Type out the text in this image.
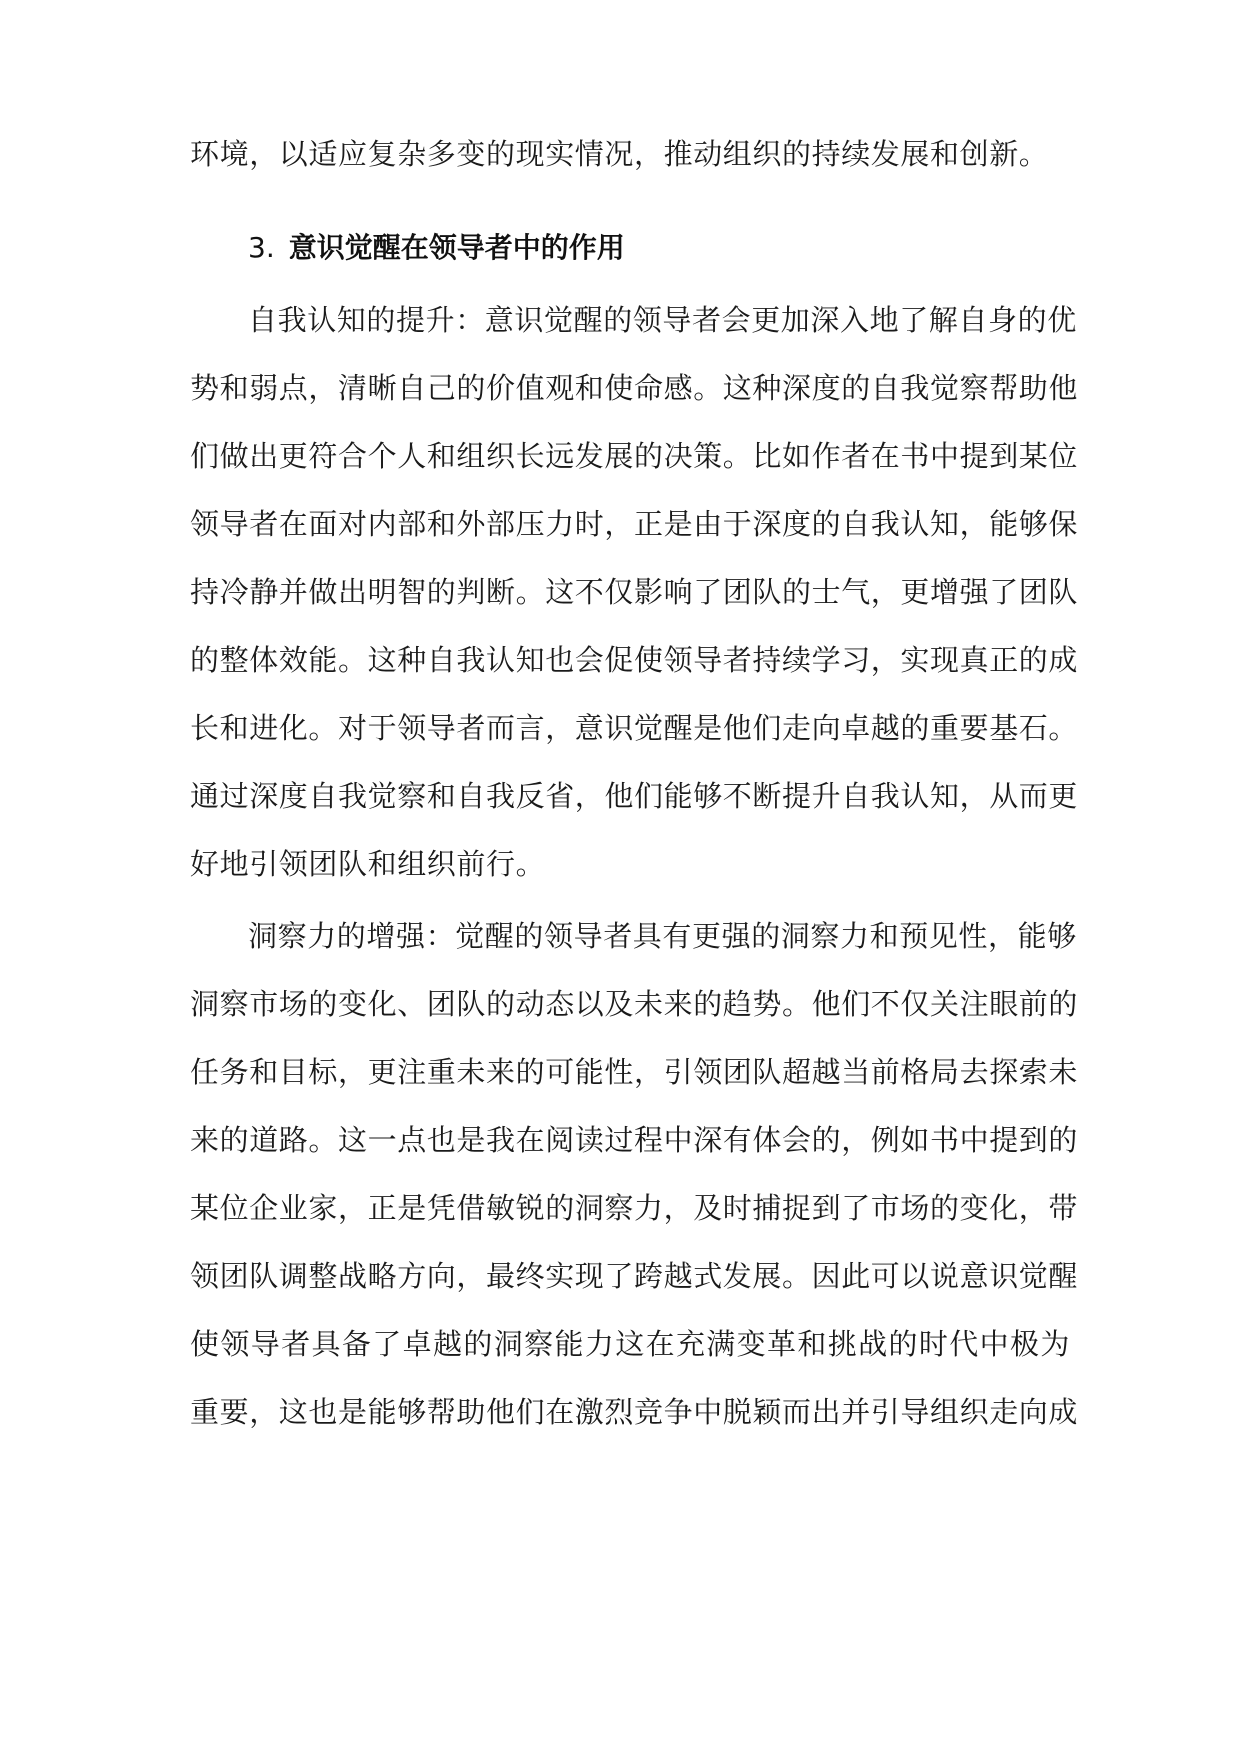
环境，以适应复杂多变的现实情况，推动组织的持续发展和创新。
3. 意识觉醒在领导者中的作用
自我认知的提升：意识觉醒的领导者会更加深入地了解自身的优
势和弱点，清晰自己的价值观和使命感。这种深度的自我觉察帮助他
们做出更符合个人和组织长远发展的决策。比如作者在书中提到某位
领导者在面对内部和外部压力时，正是由于深度的自我认知，能够保
持冷静并做出明智的判断。这不仅影响了团队的士气，更增强了团队
的整体效能。这种自我认知也会促使领导者持续学习，实现真正的成
长和进化。对于领导者而言，意识觉醒是他们走向卓越的重要基石。
通过深度自我觉察和自我反省，他们能够不断提升自我认知，从而更
好地引领团队和组织前行。
洞察力的增强：觉醒的领导者具有更强的洞察力和预见性，能够
洞察市场的变化、团队的动态以及未来的趋势。他们不仅关注眼前的
任务和目标，更注重未来的可能性，引领团队超越当前格局去探索未
来的道路。这一点也是我在阅读过程中深有体会的，例如书中提到的
某位企业家，正是凭借敏锐的洞察力，及时捕捉到了市场的变化，带
领团队调整战略方向，最终实现了跨越式发展。因此可以说意识觉醒
使领导者具备了卓越的洞察能力这在充满变革和挑战的时代中极为
重要，这也是能够帮助他们在激烈竞争中脱颖而出并引导组织走向成
